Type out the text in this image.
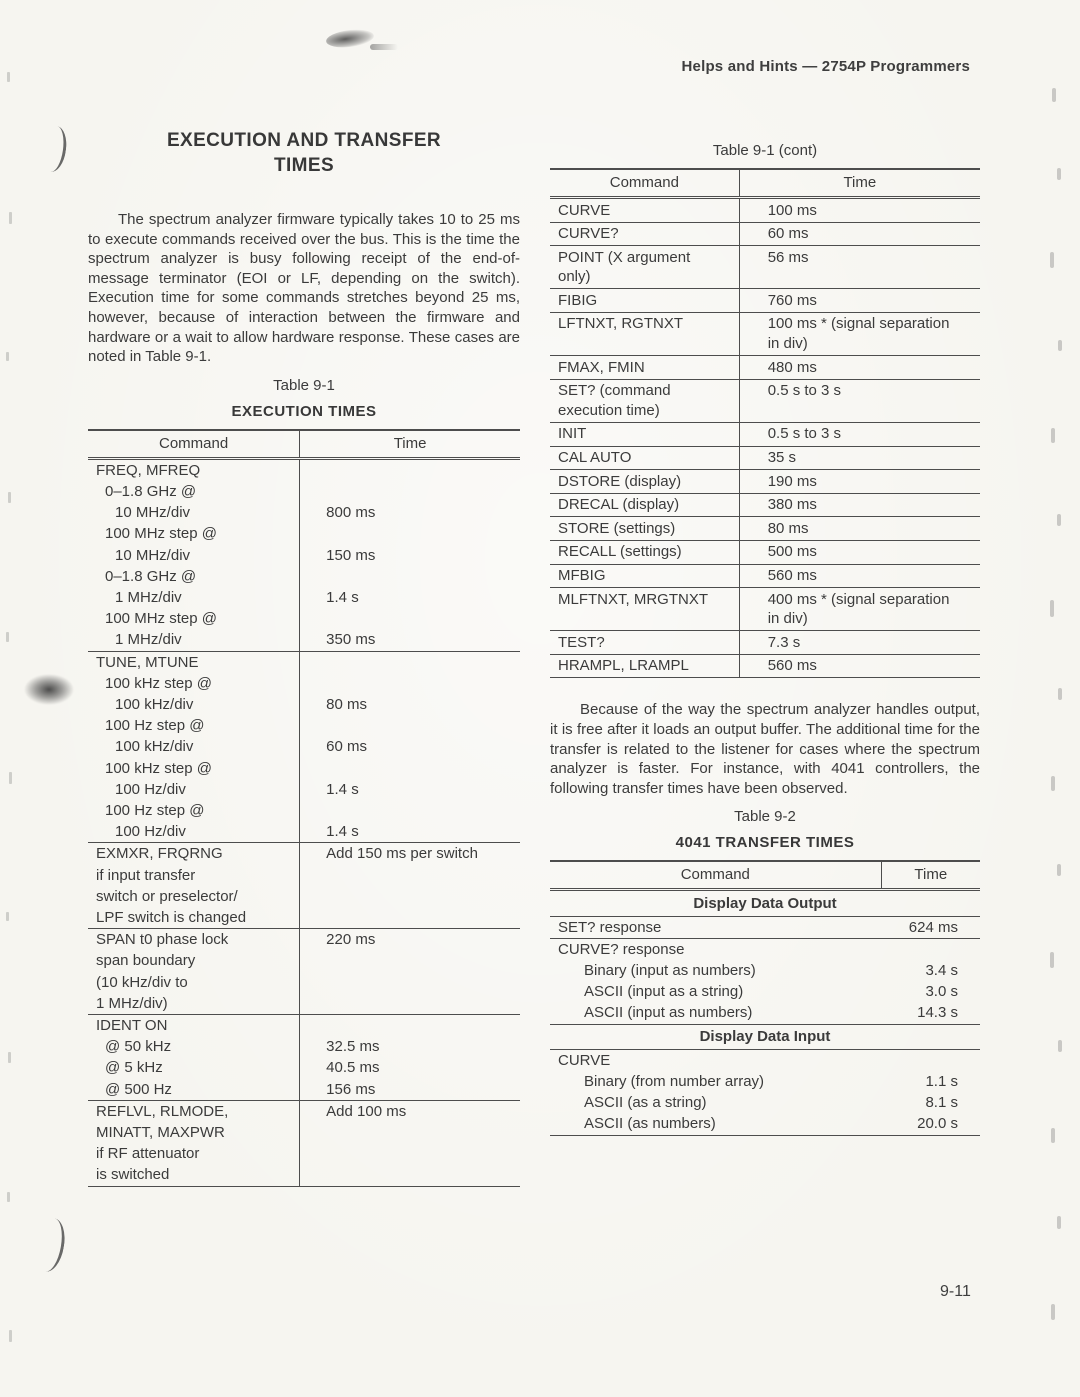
Helps and Hints — 2754P Programmers
EXECUTION AND TRANSFER
TIMES

The spectrum analyzer firmware typically takes 10 to 25 ms to execute commands received over the bus. This is the time the spectrum analyzer is busy following receipt of the end-of-message terminator (EOI or LF, depending on the switch). Execution time for some commands stretches beyond 25 ms, however, because of interaction between the firmware and hardware or a wait to allow hardware response. These cases are noted in Table 9-1.

Table 9-1
EXECUTION TIMES
Command	Time
FREQ, MFREQ	
0–1.8 GHz @	
10 MHz/div	800 ms
100 MHz step @	
10 MHz/div	150 ms
0–1.8 GHz @	
1 MHz/div	1.4 s
100 MHz step @	
1 MHz/div	350 ms
TUNE, MTUNE	
100 kHz step @	
100 kHz/div	80 ms
100 Hz step @	
100 kHz/div	60 ms
100 kHz step @	
100 Hz/div	1.4 s
100 Hz step @	
100 Hz/div	1.4 s
EXMXR, FRQRNG	Add 150 ms per switch
if input transfer	
switch or preselector/	
LPF switch is changed	
SPAN t0 phase lock	220 ms
span boundary	
(10 kHz/div to	
1 MHz/div)	
IDENT ON	
@ 50 kHz	32.5 ms
@ 5 kHz	40.5 ms
@ 500 Hz	156 ms
REFLVL, RLMODE,	Add 100 ms
MINATT, MAXPWR	
if RF attenuator	
is switched	
Table 9-1 (cont)
Command	Time

CURVE	100 ms

CURVE?	60 ms

POINT (X argument
only)	56 ms

FIBIG	760 ms

LFTNXT, RGTNXT	100 ms * (signal separation
in div)

FMAX, FMIN	480 ms

SET? (command
execution time)	0.5 s to 3 s

INIT	0.5 s to 3 s

CAL AUTO	35 s

DSTORE (display)	190 ms

DRECAL (display)	380 ms

STORE (settings)	80 ms

RECALL (settings)	500 ms

MFBIG	560 ms

MLFTNXT, MRGTNXT	400 ms * (signal separation
in div)

TEST?	7.3 s

HRAMPL, LRAMPL	560 ms

Because of the way the spectrum analyzer handles output, it is free after it loads an output buffer. The additional time for the transfer is related to the listener for cases where the spectrum analyzer is faster. For instance, with 4041 controllers, the following transfer times have been observed.

Table 9-2
4041 TRANSFER TIMES
Command	Time
Display Data Output	
SET? response	624 ms
CURVE? response	
Binary (input as numbers)	3.4 s
ASCII (input as a string)	3.0 s
ASCII (input as numbers)	14.3 s
Display Data Input	
CURVE	
Binary (from number array)	1.1 s
ASCII (as a string)	8.1 s
ASCII (as numbers)	20.0 s
9-11
